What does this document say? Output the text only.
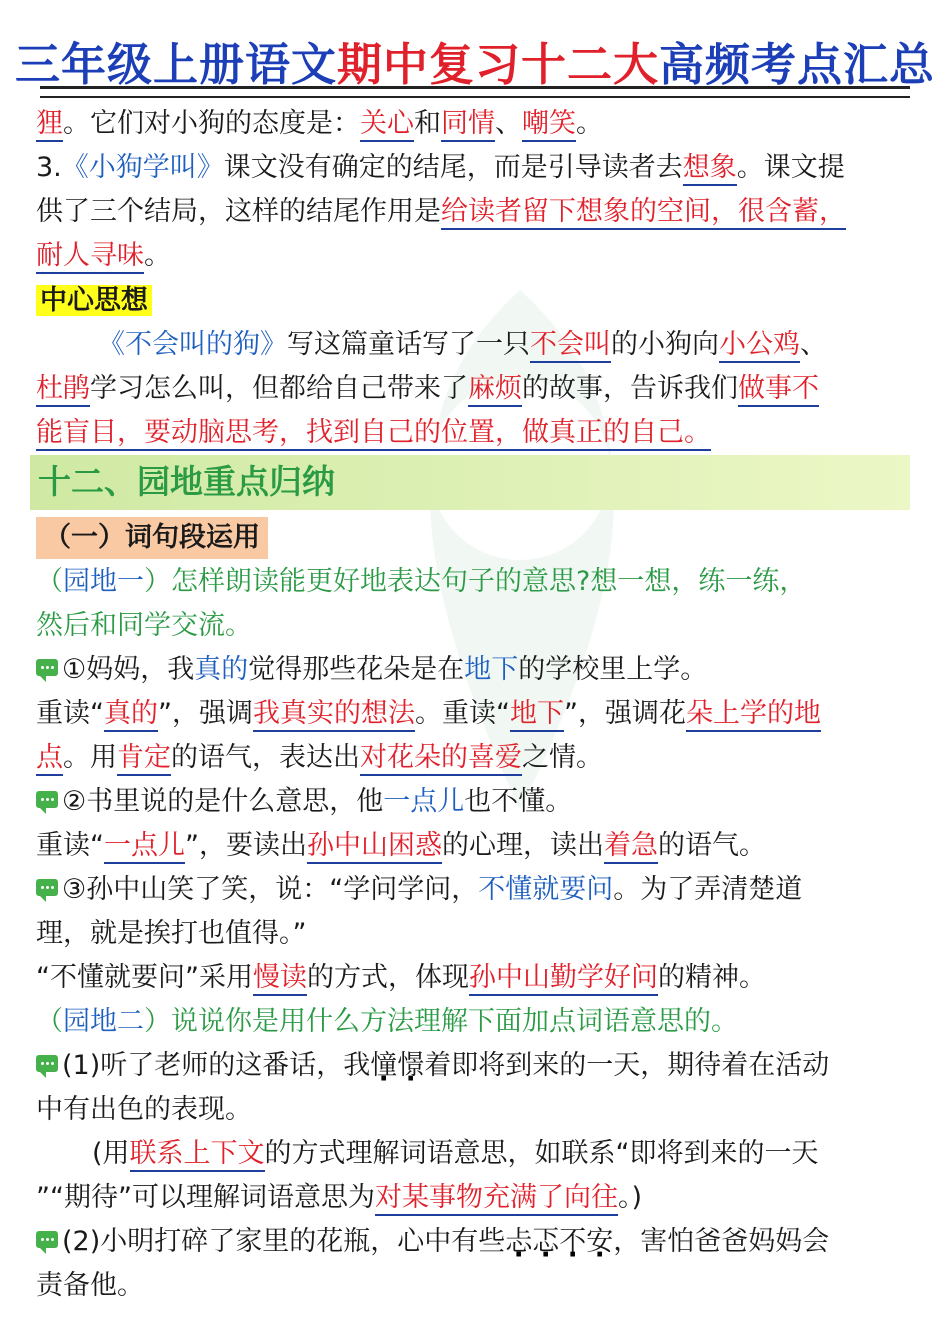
三年级上册语文期中复习十二大高频考点汇总
狸。它们对小狗的态度是：关心和同情、嘲笑。
3.《小狗学叫》课文没有确定的结尾，而是引导读者去想象。课文提
供了三个结局，这样的结尾作用是给读者留下想象的空间，很含蓄，
耐人寻味。
中心思想
《不会叫的狗》写这篇童话写了一只不会叫的小狗向小公鸡、
杜鹃学习怎么叫，但都给自己带来了麻烦的故事，告诉我们做事不
能盲目，要动脑思考，找到自己的位置，做真正的自己。
十二、园地重点归纳
（一）词句段运用
（园地一）怎样朗读能更好地表达句子的意思?想一想，练一练，
然后和同学交流。
①妈妈，我真的觉得那些花朵是在地下的学校里上学。
重读“真的”，强调我真实的想法。重读“地下”，强调花朵上学的地
点。用肯定的语气，表达出对花朵的喜爱之情。
②书里说的是什么意思，他一点儿也不懂。
重读“一点儿”，要读出孙中山困惑的心理，读出着急的语气。
③孙中山笑了笑，说：“学问学问，不懂就要问。为了弄清楚道
理，就是挨打也值得。”
“不懂就要问”采用慢读的方式，体现孙中山勤学好问的精神。
（园地二）说说你是用什么方法理解下面加点词语意思的。
(1)听了老师的这番话，我憧憬着即将到来的一天，期待着在活动
中有出色的表现。
(用联系上下文的方式理解词语意思，如联系“即将到来的一天
”“期待”可以理解词语意思为对某事物充满了向往。)
(2)小明打碎了家里的花瓶，心中有些忐忑不安，害怕爸爸妈妈会
责备他。
